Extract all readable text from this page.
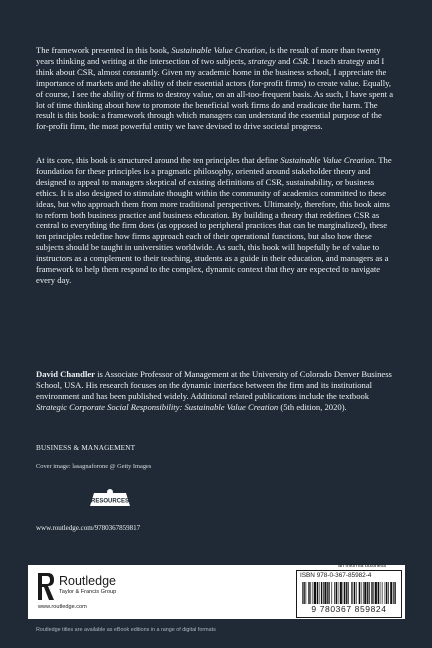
The framework presented in this book, Sustainable Value Creation, is the result of more than twenty years thinking and writing at the intersection of two subjects, strategy and CSR. I teach strategy and I think about CSR, almost constantly. Given my academic home in the business school, I appreciate the importance of markets and the ability of their essential actors (for-profit firms) to create value. Equally, of course, I see the ability of firms to destroy value, on an all-too-frequent basis. As such, I have spent a lot of time thinking about how to promote the beneficial work firms do and eradicate the harm. The result is this book: a framework through which managers can understand the essential purpose of the for-profit firm, the most powerful entity we have devised to drive societal progress.

At its core, this book is structured around the ten principles that define Sustainable Value Creation. The foundation for these principles is a pragmatic philosophy, oriented around stakeholder theory and designed to appeal to managers skeptical of existing definitions of CSR, sustainability, or business ethics. It is also designed to stimulate thought within the community of academics committed to these ideas, but who approach them from more traditional perspectives. Ultimately, therefore, this book aims to reform both business practice and business education. By building a theory that redefines CSR as central to everything the firm does (as opposed to peripheral practices that can be marginalized), these ten principles redefine how firms approach each of their operational functions, but also how these subjects should be taught in universities worldwide. As such, this book will hopefully be of value to instructors as a complement to their teaching, students as a guide in their education, and managers as a framework to help them respond to the complex, dynamic context that they are expected to navigate every day.

David Chandler is Associate Professor of Management at the University of Colorado Denver Business School, USA. His research focuses on the dynamic interface between the firm and its institutional environment and has been published widely. Additional related publications include the textbook Strategic Corporate Social Responsibility: Sustainable Value Creation (5th edition, 2020).

BUSINESS & MANAGEMENT
Cover image: lasagnaforone @ Getty Images
RESOURCES
www.routledge.com/9780367859817
Routledge
Taylor & Francis Group
www.routledge.com
an informa business
ISBN 978-0-367-85982-4
9 780367 859824
Routledge titles are available as eBook editions in a range of digital formats
